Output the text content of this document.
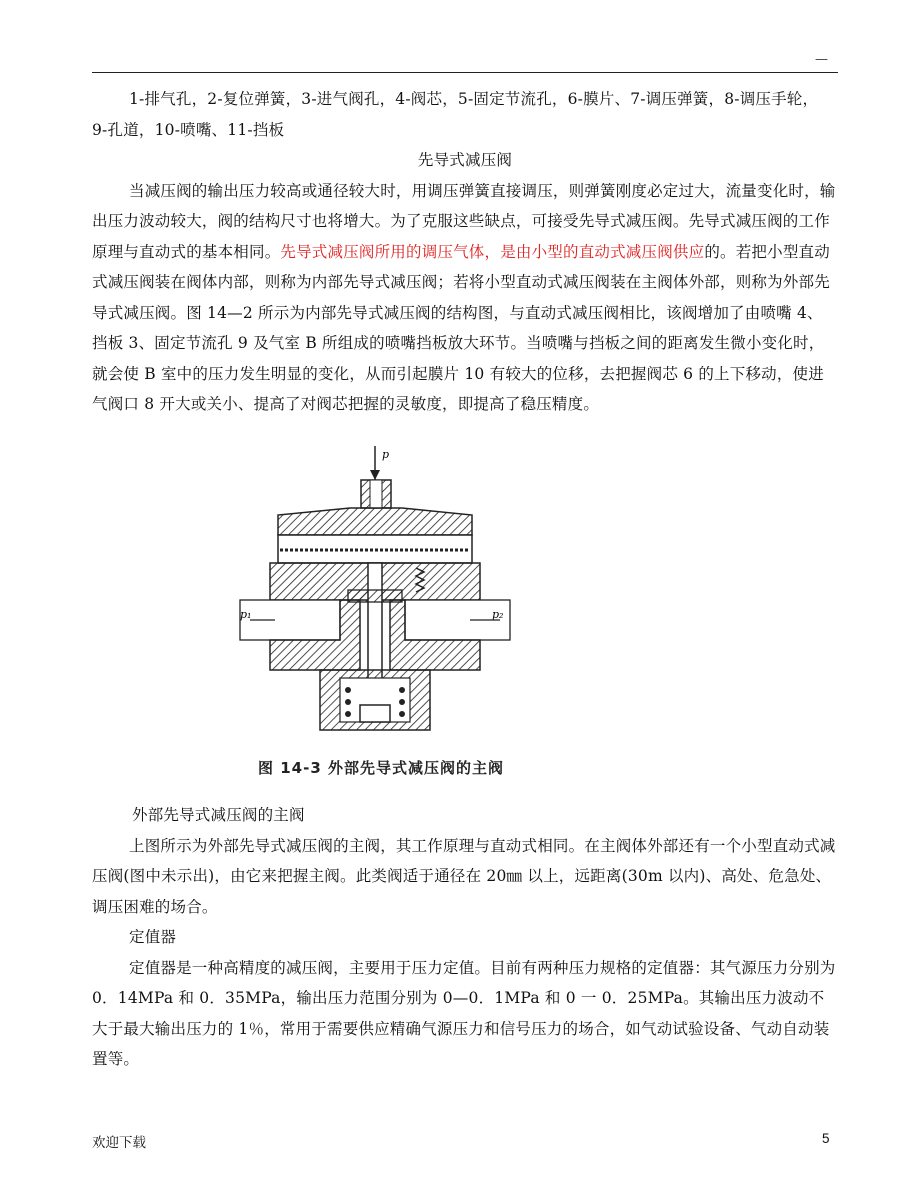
—

1-排气孔，2-复位弹簧，3-进气阀孔，4-阀芯，5-固定节流孔，6-膜片、7-调压弹簧，8-调压手轮，

9-孔道，10-喷嘴、11-挡板

先导式减压阀

当减压阀的输出压力较高或通径较大时，用调压弹簧直接调压，则弹簧刚度必定过大，流量变化时，输出压力波动较大，阀的结构尺寸也将增大。为了克服这些缺点，可接受先导式减压阀。先导式减压阀的工作原理与直动式的基本相同。先导式减压阀所用的调压气体，是由小型的直动式减压阀供应的。若把小型直动式减压阀装在阀体内部，则称为内部先导式减压阀；若将小型直动式减压阀装在主阀体外部，则称为外部先导式减压阀。图 14—2 所示为内部先导式减压阀的结构图，与直动式减压阀相比，该阀增加了由喷嘴 4、挡板 3、固定节流孔 9 及气室 B 所组成的喷嘴挡板放大环节。当喷嘴与挡板之间的距离发生微小变化时，就会使 B 室中的压力发生明显的变化，从而引起膜片 10 有较大的位移，去把握阀芯 6 的上下移动，使进气阀口 8 开大或关小、提高了对阀芯把握的灵敏度，即提高了稳压精度。

p
p₁	p₂
图 14-3 外部先导式减压阀的主阀

外部先导式减压阀的主阀

上图所示为外部先导式减压阀的主阀，其工作原理与直动式相同。在主阀体外部还有一个小型直动式减压阀(图中未示出)，由它来把握主阀。此类阀适于通径在 20㎜ 以上，远距离(30m 以内)、高处、危急处、调压困难的场合。

定值器

定值器是一种高精度的减压阀，主要用于压力定值。目前有两种压力规格的定值器：其气源压力分别为 0．14MPa 和 0．35MPa，输出压力范围分别为 0—0．1MPa 和 0 一 0．25MPa。其输出压力波动不大于最大输出压力的 1％，常用于需要供应精确气源压力和信号压力的场合，如气动试验设备、气动自动装置等。

欢迎下载	5
